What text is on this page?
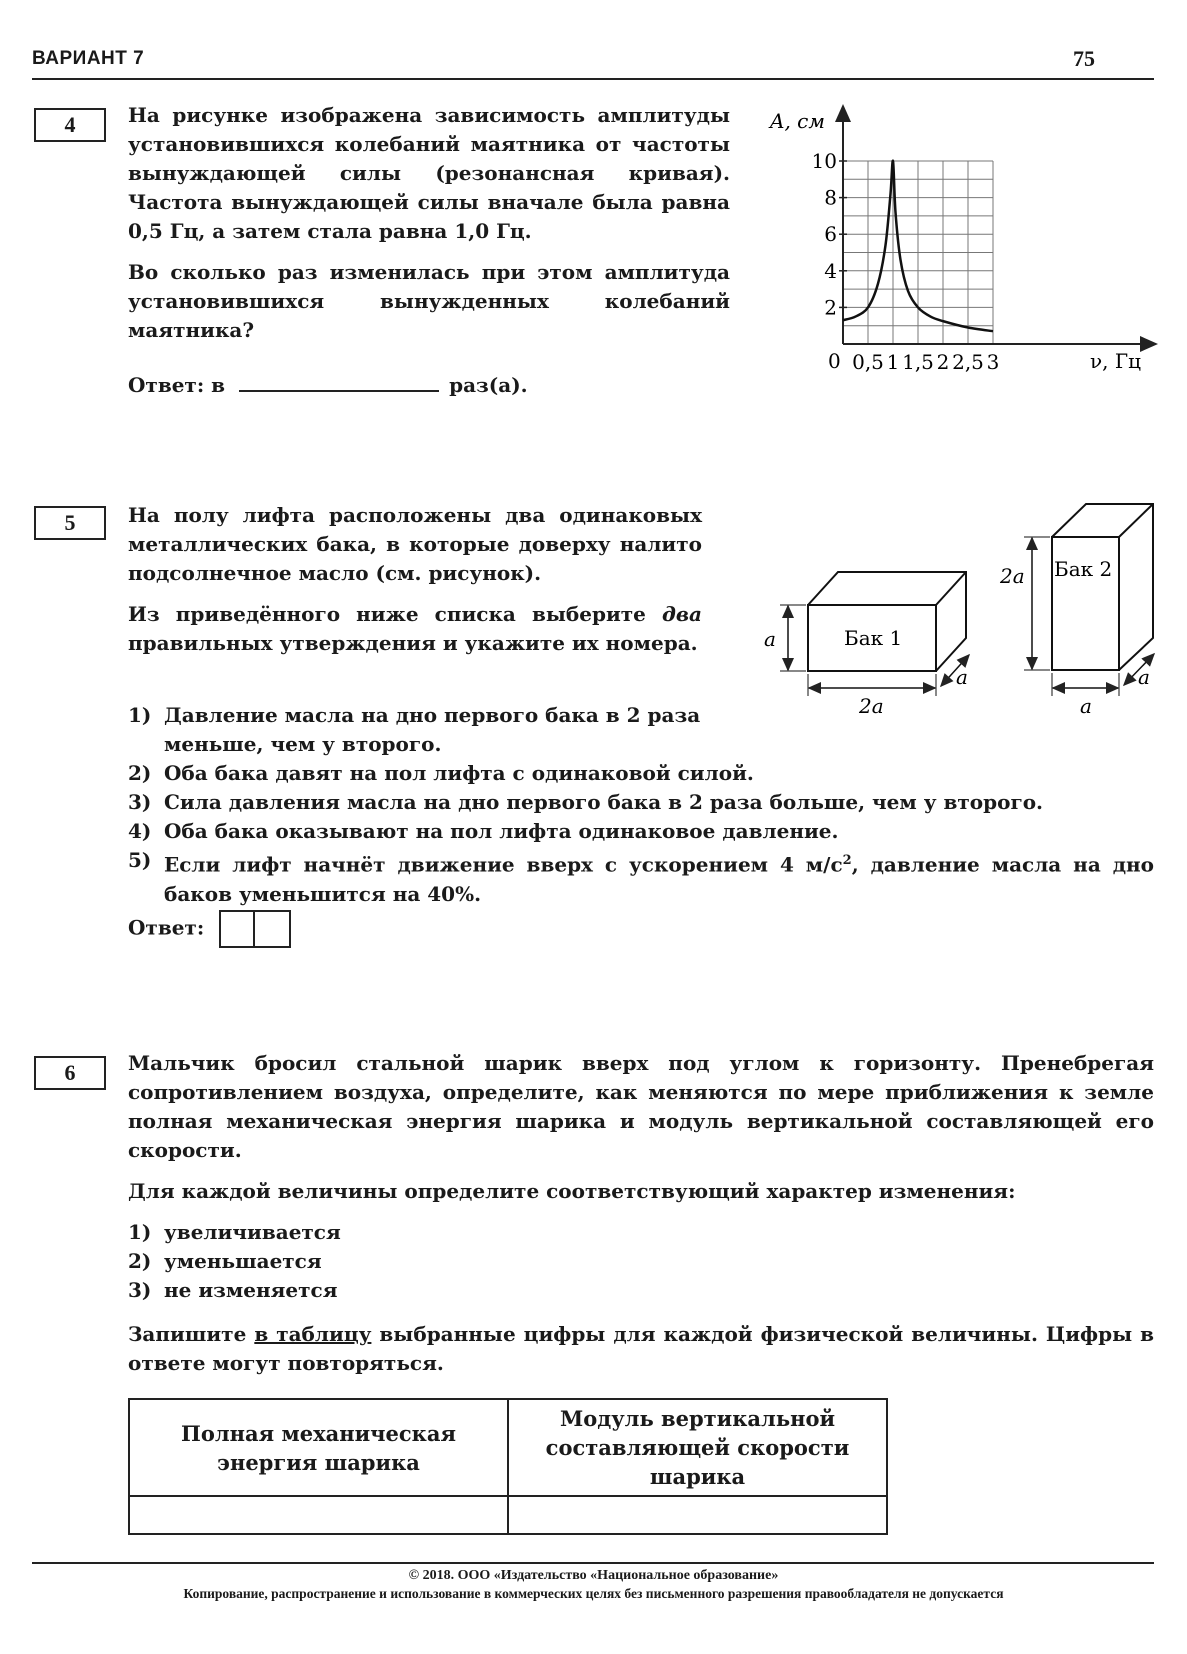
ВАРИАНТ 7	75
4	На рисунке изображена зависимость амплитуды установившихся колебаний маятника от частоты вынуждающей силы (резонансная кривая). Частота вынуждающей силы вначале была равна 0,5 Гц, а затем стала равна 1,0 Гц.

Во сколько раз изменилась при этом амплитуда установившихся вынужденных колебаний маятника?

Ответ: в	раз(а).
0,5 1 1,5 2 2,5 3
2
4
6
8
10
A, см
ν, Гц
0
5	На полу лифта расположены два одинаковых металлических бака, в которые доверху налито подсолнечное масло (см. рисунок).

Из приведённого ниже списка выберите два правильных утверждения и укажите их номера.	Бак 1
a
2a
a
Бак 2
2a
a
a
1) Давление масла на дно первого бака в 2 раза меньше, чем у второго.
2) Оба бака давят на пол лифта с одинаковой силой.
3) Сила давления масла на дно первого бака в 2 раза больше, чем у второго.
4) Оба бака оказывают на пол лифта одинаковое давление.
5) Если лифт начнёт движение вверх с ускорением 4 $м/с^2$, давление масла на дно баков уменьшится на 40%.
Ответ:
6	Мальчик бросил стальной шарик вверх под углом к горизонту. Пренебрегая сопротивлением воздуха, определите, как меняются по мере приближения к земле полная механическая энергия шарика и модуль вертикальной составляющей его скорости.

Для каждой величины определите соответствующий характер изменения:

1) увеличивается
2) уменьшается
3) не изменяется

Запишите в таблицу выбранные цифры для каждой физической величины. Цифры в ответе могут повторяться.

Полная механическая энергия шарика	Модуль вертикальной составляющей скорости шарика

© 2018. ООО «Издательство «Национальное образование»
Копирование, распространение и использование в коммерческих целях без письменного разрешения правообладателя не допускается
